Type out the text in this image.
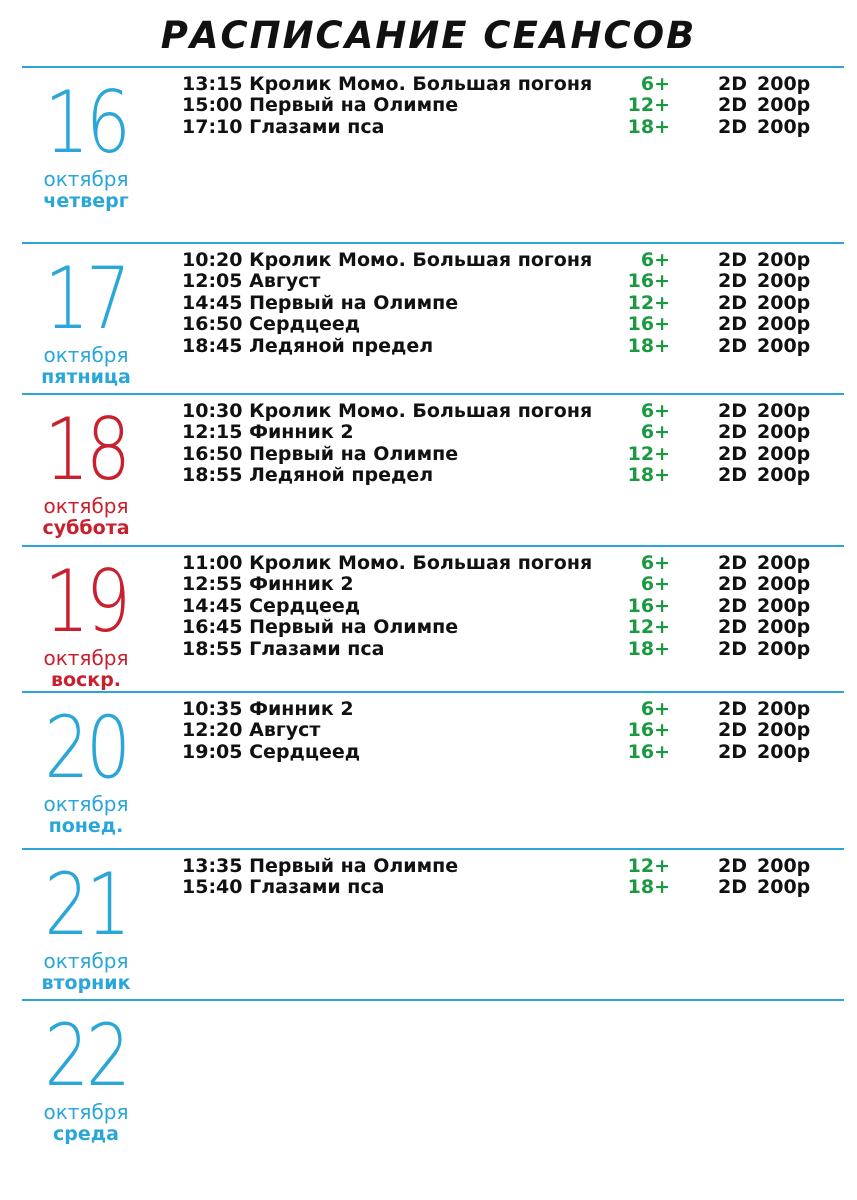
РАСПИСАНИЕ СЕАНСОВ
16
октября
четверг
13:15 Кролик Момо. Большая погоня	6+	2D 200р
15:00 Первый на Олимпе	12+	2D 200р
17:10 Глазами пса	18+	2D 200р
17
октября
пятница
10:20 Кролик Момо. Большая погоня	6+	2D 200р
12:05 Август	16+	2D 200р
14:45 Первый на Олимпе	12+	2D 200р
16:50 Сердцеед	16+	2D 200р
18:45 Ледяной предел	18+	2D 200р
18
октября
суббота
10:30 Кролик Момо. Большая погоня	6+	2D 200р
12:15 Финник 2	6+	2D 200р
16:50 Первый на Олимпе	12+	2D 200р
18:55 Ледяной предел	18+	2D 200р
19
октября
воскр.
11:00 Кролик Момо. Большая погоня	6+	2D 200р
12:55 Финник 2	6+	2D 200р
14:45 Сердцеед	16+	2D 200р
16:45 Первый на Олимпе	12+	2D 200р
18:55 Глазами пса	18+	2D 200р
20
октября
понед.
10:35 Финник 2	6+	2D 200р
12:20 Август	16+	2D 200р
19:05 Сердцеед	16+	2D 200р
21
октября
вторник
13:35 Первый на Олимпе	12+	2D 200р
15:40 Глазами пса	18+	2D 200р
22
октября
среда
